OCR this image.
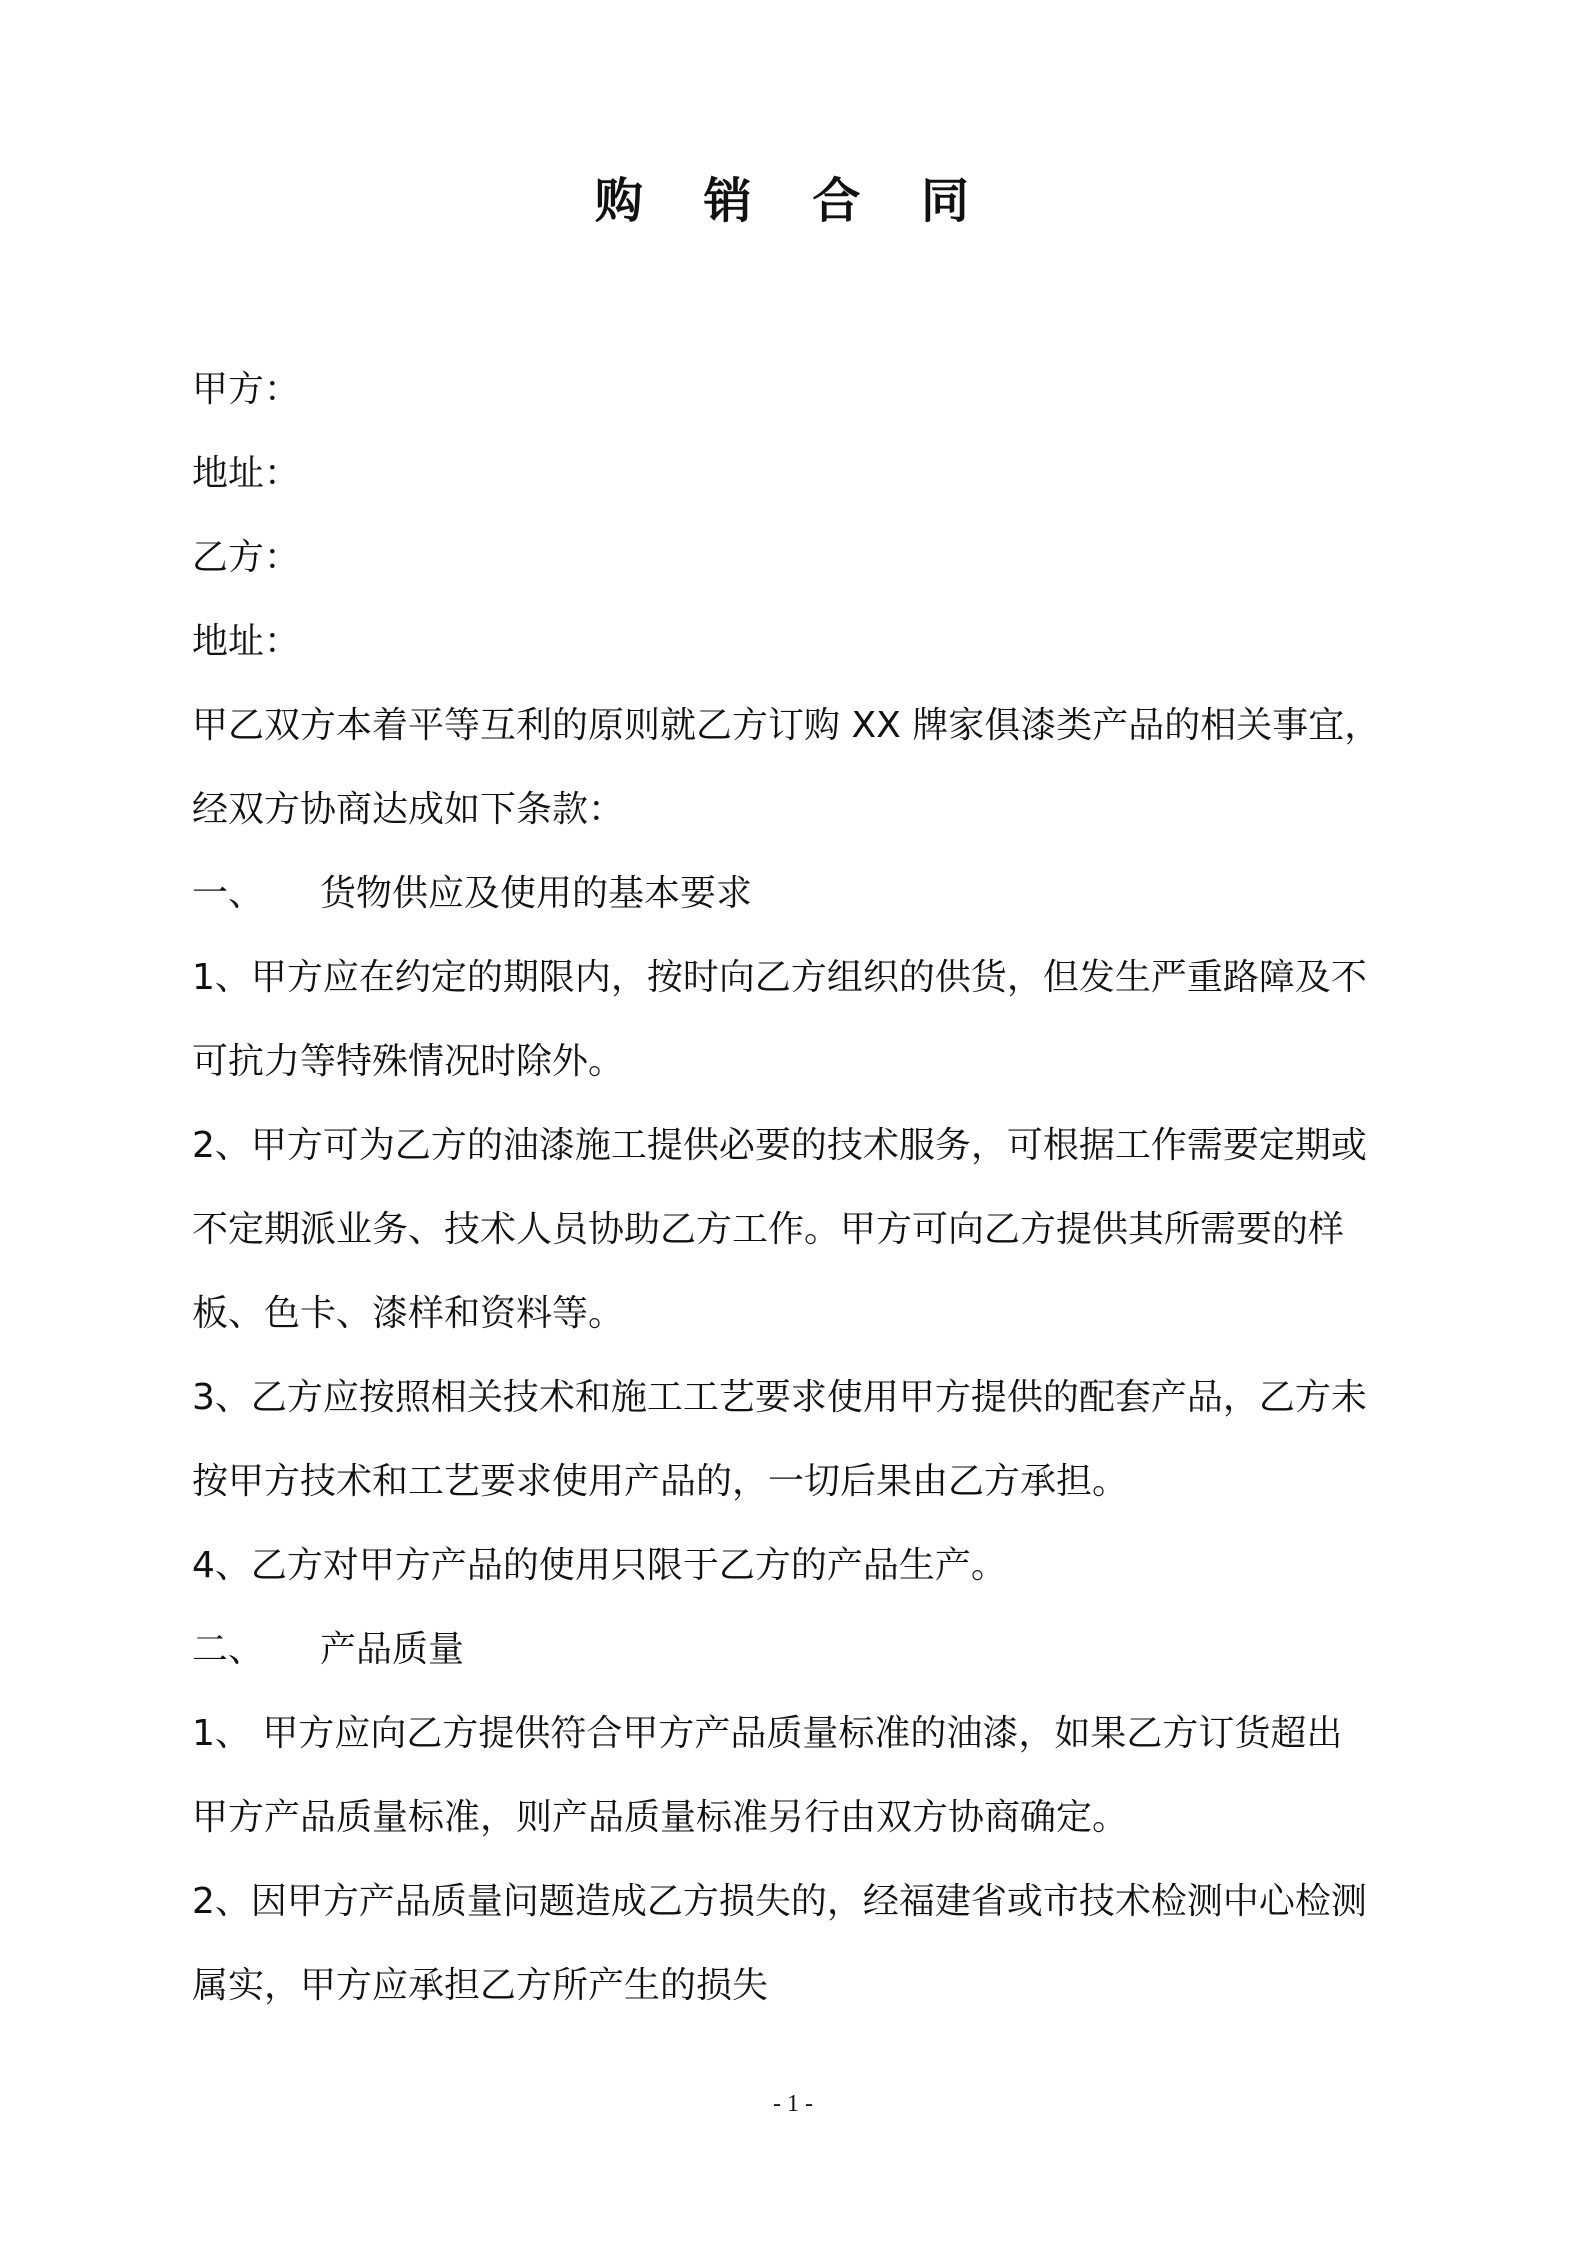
购 销 合 同
甲方：
地址：
乙方：
地址：
甲乙双方本着平等互利的原则就乙方订购 XX 牌家俱漆类产品的相关事宜，
经双方协商达成如下条款：
一、 货物供应及使用的基本要求
1、甲方应在约定的期限内，按时向乙方组织的供货，但发生严重路障及不
可抗力等特殊情况时除外。
2、甲方可为乙方的油漆施工提供必要的技术服务，可根据工作需要定期或
不定期派业务、技术人员协助乙方工作。甲方可向乙方提供其所需要的样
板、色卡、漆样和资料等。
3、乙方应按照相关技术和施工工艺要求使用甲方提供的配套产品，乙方未
按甲方技术和工艺要求使用产品的，一切后果由乙方承担。
4、乙方对甲方产品的使用只限于乙方的产品生产。
二、 产品质量
1、 甲方应向乙方提供符合甲方产品质量标准的油漆，如果乙方订货超出
甲方产品质量标准，则产品质量标准另行由双方协商确定。
2、因甲方产品质量问题造成乙方损失的，经福建省或市技术检测中心检测
属实，甲方应承担乙方所产生的损失
- 1 -
